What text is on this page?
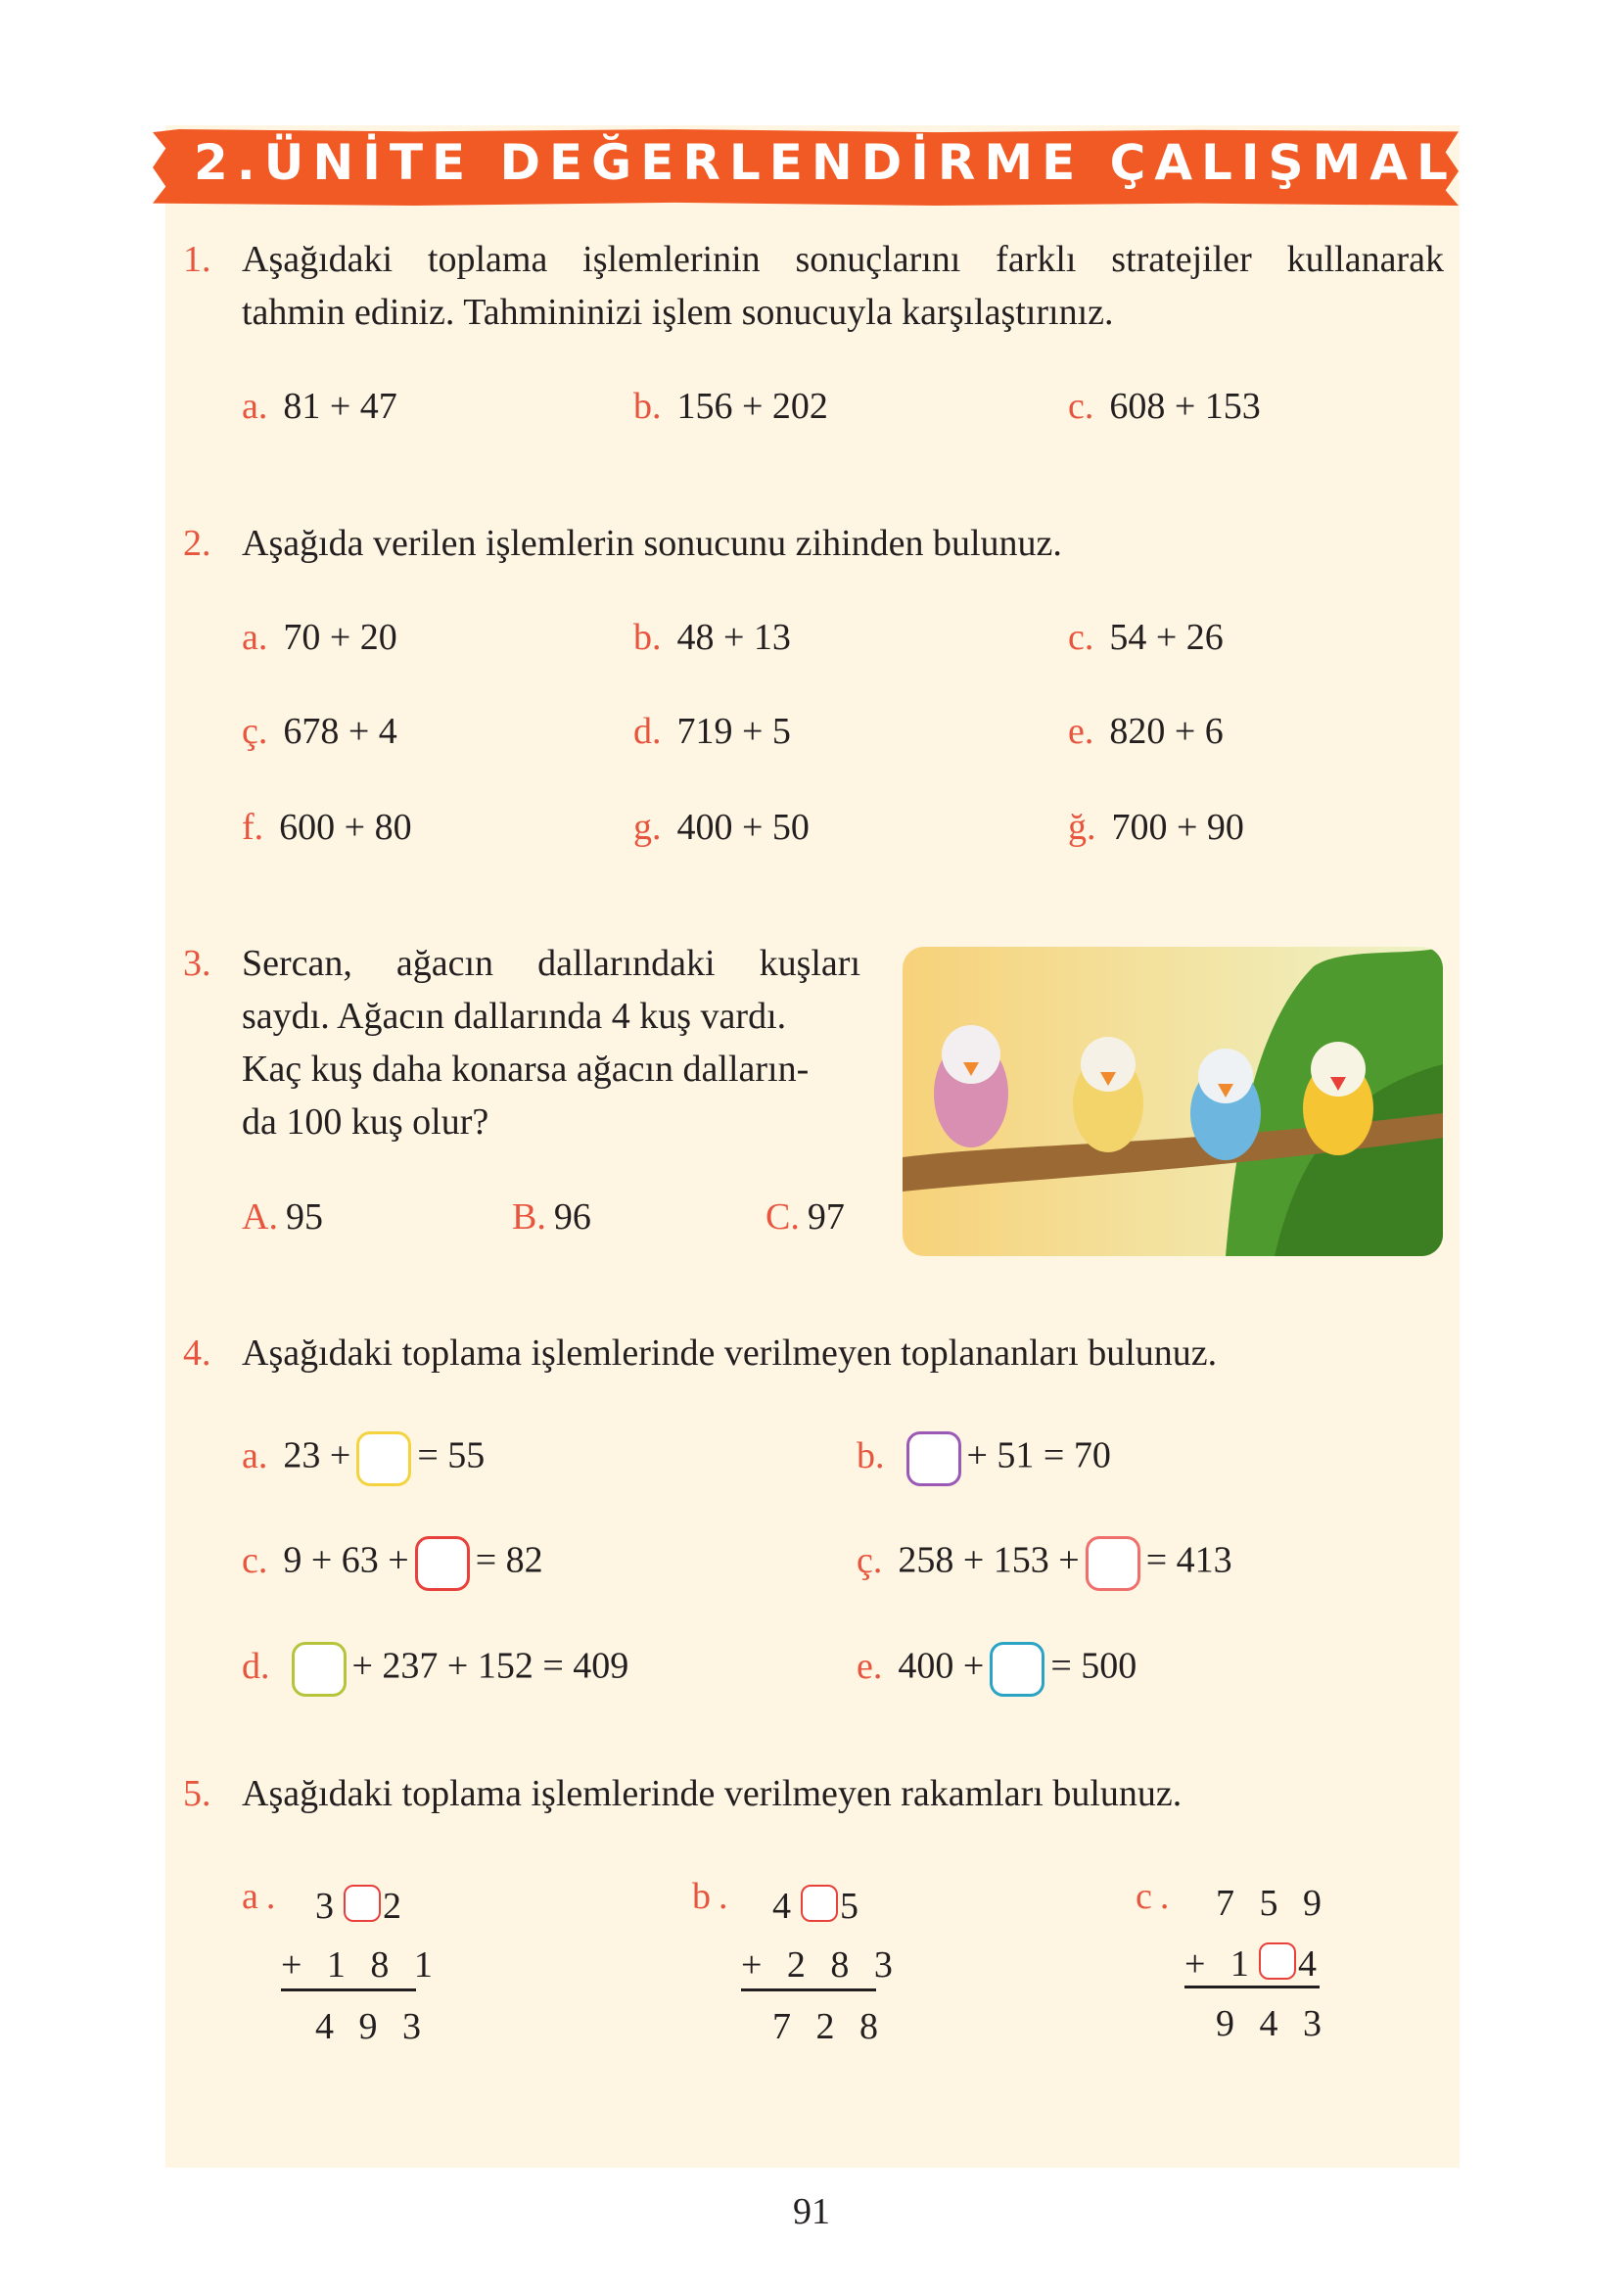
2.ÜNİTE DEĞERLENDİRME ÇALIŞMALARI
1. Aşağıdaki toplama işlemlerinin sonuçlarını farklı stratejiler kullanarak
tahmin ediniz. Tahmininizi işlem sonucuyla karşılaştırınız.
a. 81 + 47	b. 156 + 202	c. 608 + 153
2. Aşağıda verilen işlemlerin sonucunu zihinden bulunuz.
a. 70 + 20	b. 48 + 13	c. 54 + 26
ç. 678 + 4	d. 719 + 5	e. 820 + 6
f. 600 + 80	g. 400 + 50	ğ. 700 + 90
3. Sercan, ağacın dallarındaki kuşları
saydı. Ağacın dallarında 4 kuş vardı.
Kaç kuş daha konarsa ağacın dalların-
da 100 kuş olur?
A. 95	B. 96	C. 97
4. Aşağıdaki toplama işlemlerinde verilmeyen toplananları bulunuz.
a. 23 + = 55	b. + 51 = 70
c. 9 + 63 + = 82	ç. 258 + 153 + = 413
d. + 237 + 152 = 409	e. 400 + = 500
5. Aşağıdaki toplama işlemlerinde verilmeyen rakamları bulunuz.
a. 3 2
+ 1 8 1
4 9 3
b. 4 5
+ 2 8 3
7 2 8
c. 7 5 9
+ 1 4
9 4 3
91
